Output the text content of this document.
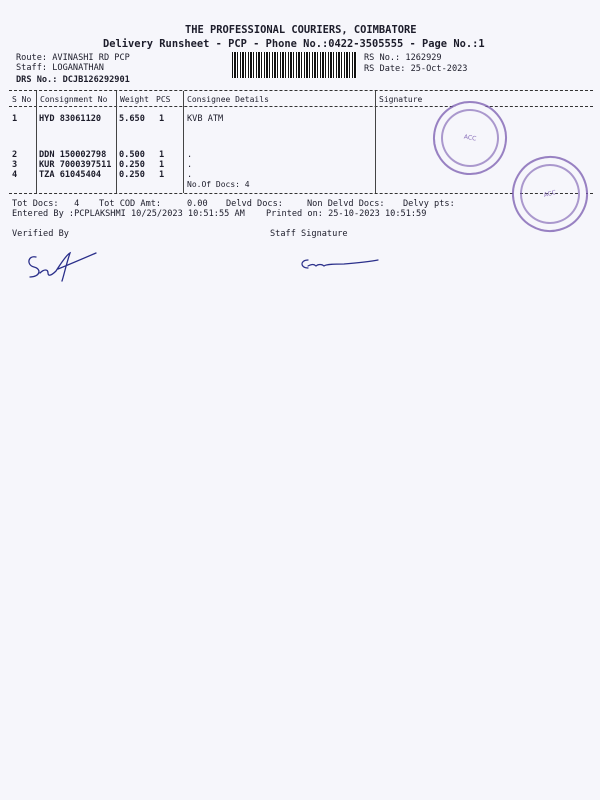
THE PROFESSIONAL COURIERS, COIMBATORE
Delivery Runsheet - PCP - Phone No.:0422-3505555 - Page No.:1
Route: AVINASHI RD PCP
Staff: LOGANATHAN
DRS No.: DCJB126292901
RS No.: 1262929
RS Date: 25-Oct-2023
S No Consignment No Weight PCS Consignee Details	Signature
1	HYD 83061120 5.650 1	KVB ATM
2	DDN 150002798 0.500 1	.
3	KUR 7000397511 0.250 1	.
4	TZA 61045404 0.250 1	.
No.Of Docs: 4
Tot Docs:   4 Tot COD Amt:     0.00 Delvd Docs:	Non Delvd Docs: Delvy pts:
Entered By :PCPLAKSHMI 10/25/2023 10:51:55 AM Printed on: 25-10-2023 10:51:59
Verified By	Staff Signature
ACC
ACC
